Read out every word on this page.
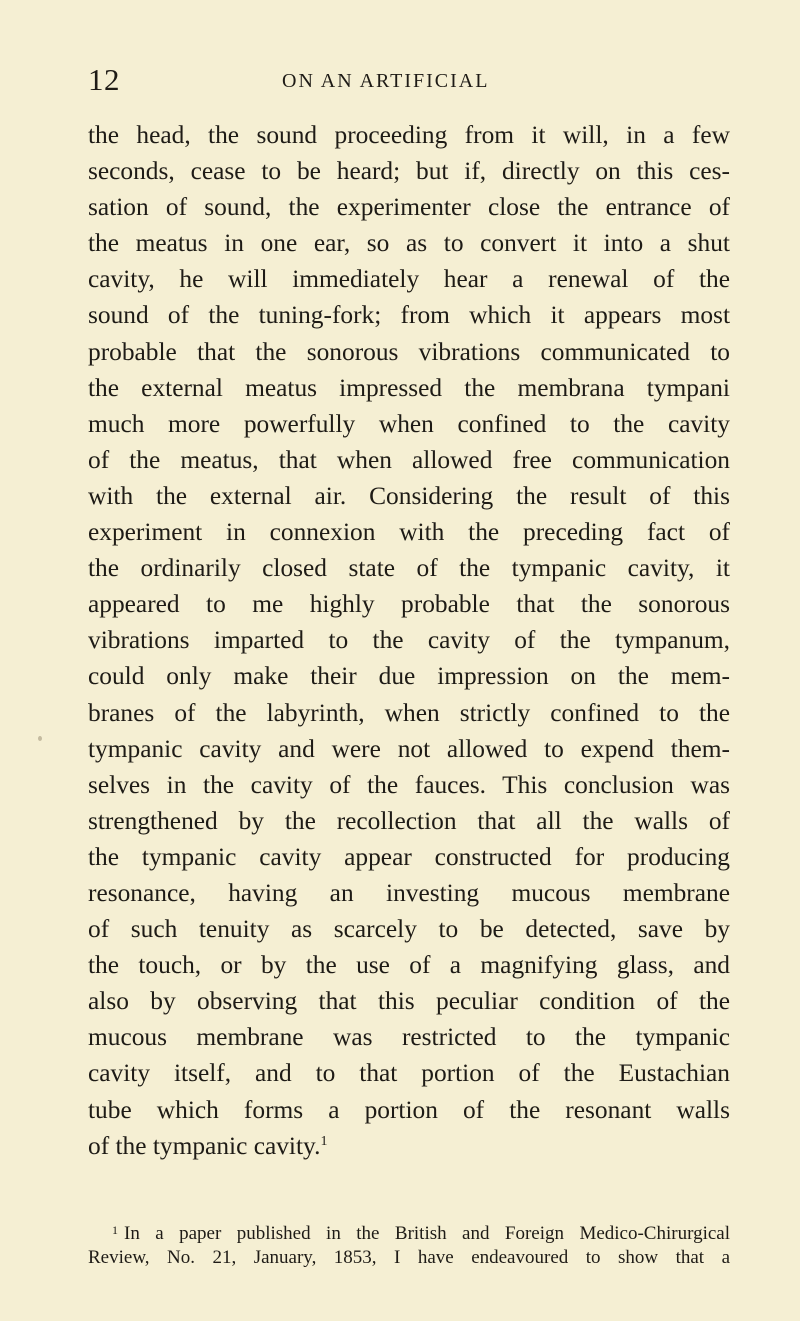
12	ON AN ARTIFICIAL
the head, the sound proceeding from it will, in a few
seconds, cease to be heard; but if, directly on this ces-
sation of sound, the experimenter close the entrance of
the meatus in one ear, so as to convert it into a shut
cavity, he will immediately hear a renewal of the
sound of the tuning-fork; from which it appears most
probable that the sonorous vibrations communicated to
the external meatus impressed the membrana tympani
much more powerfully when confined to the cavity
of the meatus, that when allowed free communication
with the external air. Considering the result of this
experiment in connexion with the preceding fact of
the ordinarily closed state of the tympanic cavity, it
appeared to me highly probable that the sonorous
vibrations imparted to the cavity of the tympanum,
could only make their due impression on the mem-
branes of the labyrinth, when strictly confined to the
tympanic cavity and were not allowed to expend them-
selves in the cavity of the fauces. This conclusion was
strengthened by the recollection that all the walls of
the tympanic cavity appear constructed for producing
resonance, having an investing mucous membrane
of such tenuity as scarcely to be detected, save by
the touch, or by the use of a magnifying glass, and
also by observing that this peculiar condition of the
mucous membrane was restricted to the tympanic
cavity itself, and to that portion of the Eustachian
tube which forms a portion of the resonant walls
of the tympanic cavity.$^1$
$^1$ In a paper published in the British and Foreign Medico-Chirurgical
Review, No. 21, January, 1853, I have endeavoured to show that a
